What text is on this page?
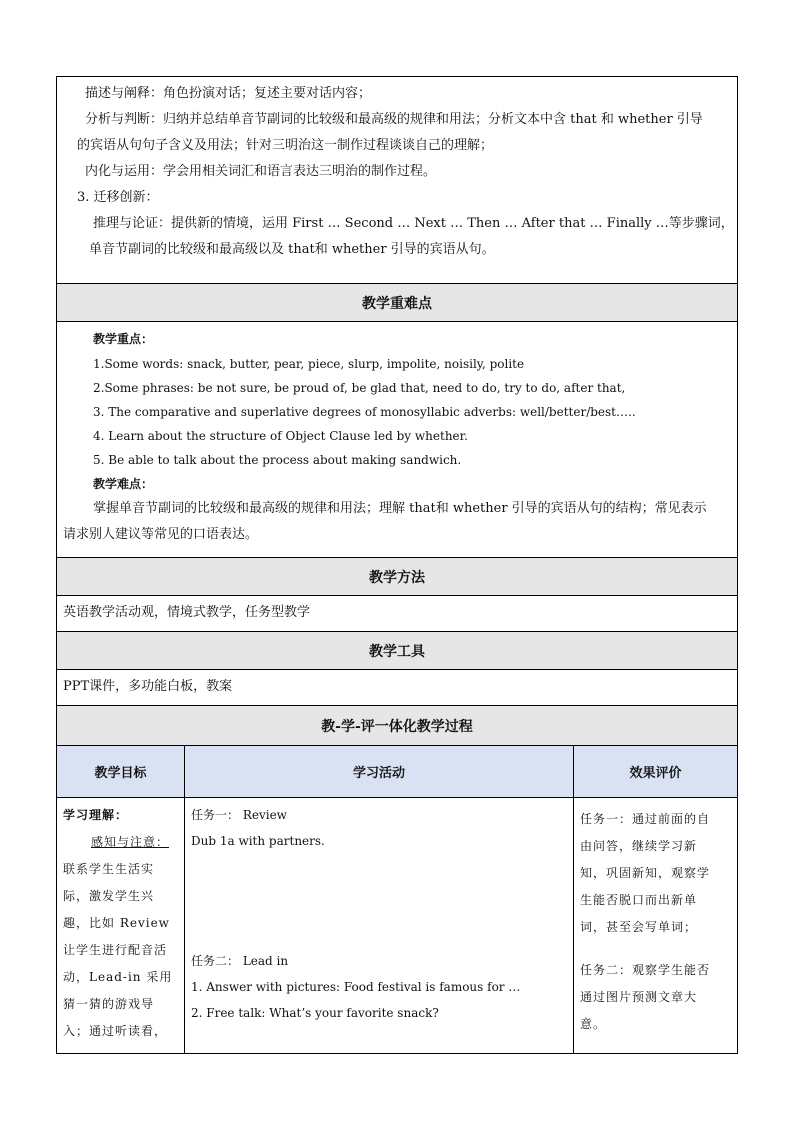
描述与阐释：角色扮演对话；复述主要对话内容；
分析与判断：归纳并总结单音节副词的比较级和最高级的规律和用法；分析文本中含 that 和 whether 引导
的宾语从句句子含义及用法；针对三明治这一制作过程谈谈自己的理解；
内化与运用：学会用相关词汇和语言表达三明治的制作过程。
3. 迁移创新：
推理与论证：提供新的情境，运用 First … Second … Next … Then … After that … Finally …等步骤词，
单音节副词的比较级和最高级以及 that和 whether 引导的宾语从句。
教学重难点
教学重点：
1.Some words: snack, butter, pear, piece, slurp, impolite, noisily, polite
2.Some phrases: be not sure, be proud of, be glad that, need to do, try to do, after that,
3. The comparative and superlative degrees of monosyllabic adverbs: well/better/best…..
4. Learn about the structure of Object Clause led by whether.
5. Be able to talk about the process about making sandwich.
教学难点：
掌握单音节副词的比较级和最高级的规律和用法；理解 that和 whether 引导的宾语从句的结构；常见表示
请求别人建议等常见的口语表达。
教学方法
英语教学活动观，情境式教学，任务型教学
教学工具
PPT课件，多功能白板，教案
教-学-评一体化教学过程
教学目标	学习活动	效果评价
学习理解：
感知与注意：
联系学生生活实
际，激发学生兴
趣，比如 Review
让学生进行配音活
动，Lead-in 采用
猜一猜的游戏导
入；通过听读看，
任务一： Review
Dub 1a with partners.
任务二： Lead in
1. Answer with pictures: Food festival is famous for …
2. Free talk: What’s your favorite snack?
任务一：通过前面的自
由问答，继续学习新
知，巩固新知，观察学
生能否脱口而出新单
词，甚至会写单词；
任务二：观察学生能否
通过图片预测文章大
意。
